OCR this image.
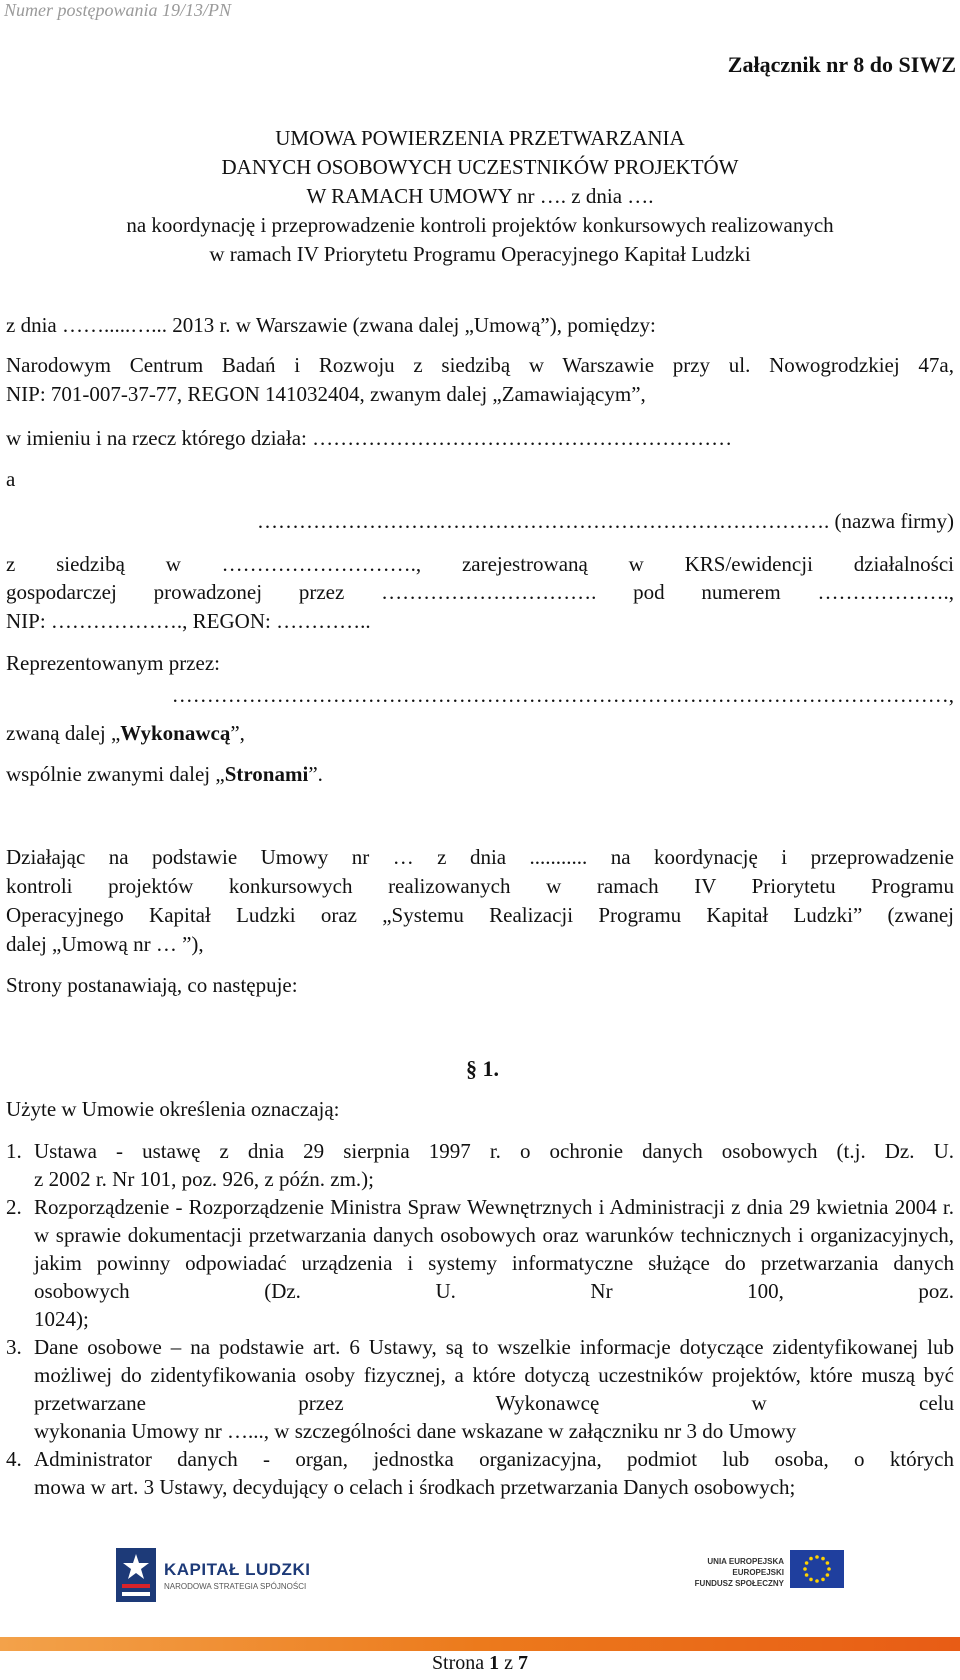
Numer postępowania 19/13/PN
Załącznik nr 8 do SIWZ
UMOWA POWIERZENIA PRZETWARZANIA
DANYCH OSOBOWYCH UCZESTNIKÓW PROJEKTÓW
W RAMACH UMOWY nr …. z dnia ….
na koordynację i przeprowadzenie kontroli projektów konkursowych realizowanych
w ramach IV Priorytetu Programu Operacyjnego Kapitał Ludzki
z dnia …….....…... 2013 r. w Warszawie (zwana dalej „Umową”), pomiędzy:
Narodowym Centrum Badań i Rozwoju z siedzibą w Warszawie przy ul. Nowogrodzkiej 47a,
NIP: 701-007-37-77, REGON 141032404, zwanym dalej „Zamawiającym”,
w imieniu i na rzecz którego działa: ……………………………………………………
a
………………………………………………………………………. (nazwa firmy)
z siedzibą w ………………………., zarejestrowaną w KRS/ewidencji działalności
gospodarczej prowadzonej przez …………………………. pod numerem ……………….,
NIP: ………………., REGON: …………..
Reprezentowanym przez:
…………………………………………………………………………………………………,
zwaną dalej „Wykonawcą”,
wspólnie zwanymi dalej „Stronami”.
Działając na podstawie Umowy nr … z dnia ........... na koordynację i przeprowadzenie
kontroli projektów konkursowych realizowanych w ramach IV Priorytetu Programu
Operacyjnego Kapitał Ludzki oraz „Systemu Realizacji Programu Kapitał Ludzki” (zwanej
dalej „Umową nr … ”),
Strony postanawiają, co następuje:
§ 1.
Użyte w Umowie określenia oznaczają:
1. Ustawa - ustawę z dnia 29 sierpnia 1997 r. o ochronie danych osobowych (t.j. Dz. U.
z 2002 r. Nr 101, poz. 926, z późn. zm.);
2. Rozporządzenie - Rozporządzenie Ministra Spraw Wewnętrznych i Administracji z dnia 29 kwietnia 2004 r. w sprawie dokumentacji przetwarzania danych osobowych oraz warunków technicznych i organizacyjnych, jakim powinny odpowiadać urządzenia i systemy informatyczne służące do przetwarzania danych osobowych (Dz. U. Nr 100, poz.
1024);
3. Dane osobowe – na podstawie art. 6 Ustawy, są to wszelkie informacje dotyczące zidentyfikowanej lub możliwej do zidentyfikowania osoby fizycznej, a które dotyczą uczestników projektów, które muszą być przetwarzane przez Wykonawcę w celu
wykonania Umowy nr …..., w szczególności dane wskazane w załączniku nr 3 do Umowy
4. Administrator danych - organ, jednostka organizacyjna, podmiot lub osoba, o których
mowa w art. 3 Ustawy, decydujący o celach i środkach przetwarzania Danych osobowych;
KAPITAŁ LUDZKI
NARODOWA STRATEGIA SPÓJNOŚCI
UNIA EUROPEJSKA
EUROPEJSKI
FUNDUSZ SPOŁECZNY
Strona 1 z 7
